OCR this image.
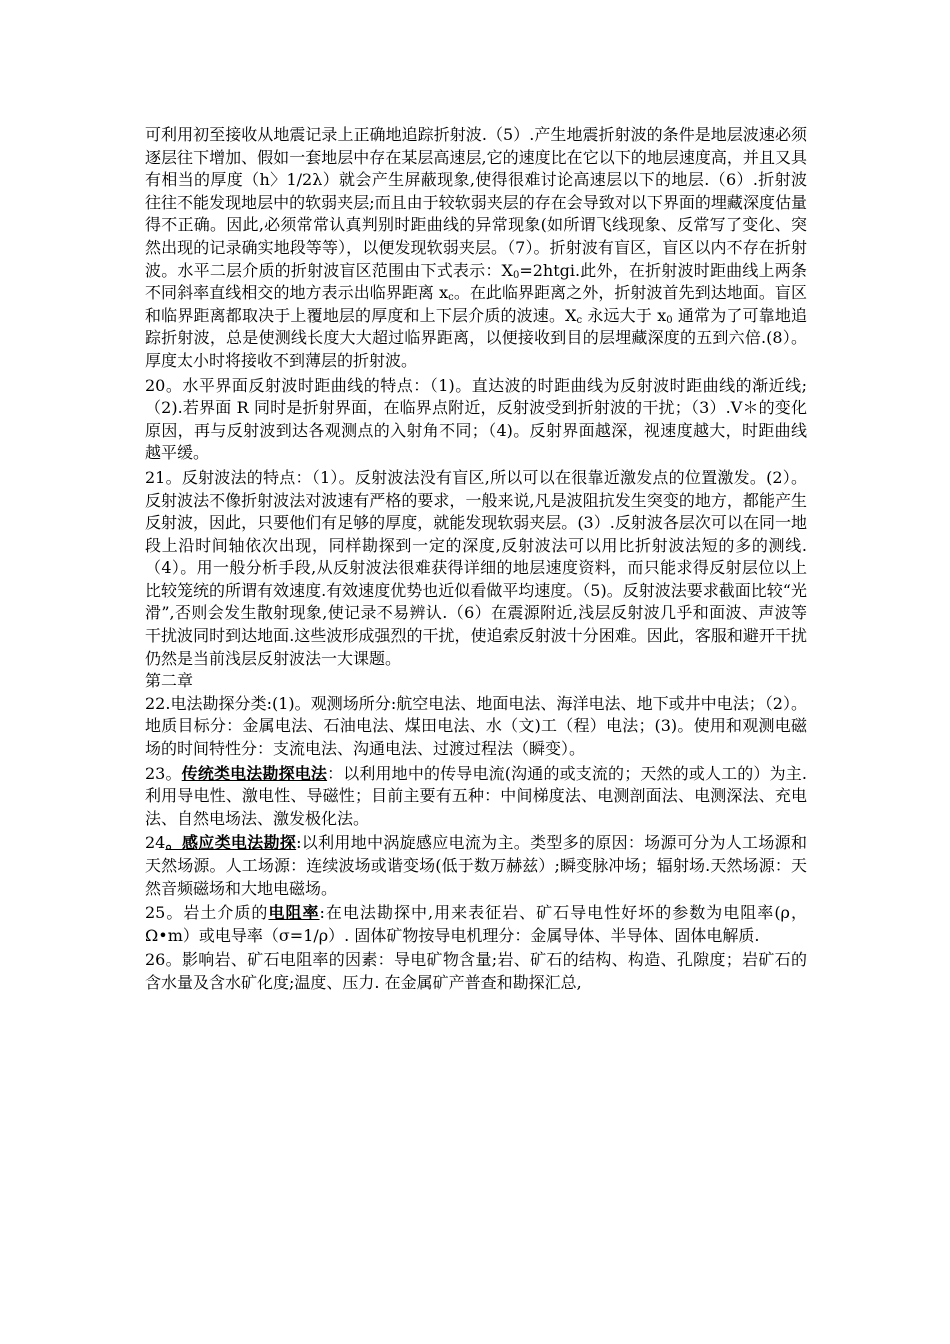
可利用初至接收从地震记录上正确地追踪折射波.（5）.产生地震折射波的条件是地层波速必须逐层往下增加、假如一套地层中存在某层高速层,它的速度比在它以下的地层速度高，并且又具有相当的厚度（h〉1/2λ）就会产生屏蔽现象,使得很难讨论高速层以下的地层.（6）.折射波往往不能发现地层中的软弱夹层;而且由于较软弱夹层的存在会导致对以下界面的埋藏深度估量得不正确。因此,必须常常认真判别时距曲线的异常现象(如所谓飞线现象、反常写了变化、突然出现的记录确实地段等等），以便发现软弱夹层。（7）。折射波有盲区，盲区以内不存在折射波。水平二层介质的折射波盲区范围由下式表示：$X_0=2htgi$.此外，在折射波时距曲线上两条不同斜率直线相交的地方表示出临界距离 $x_c$。在此临界距离之外，折射波首先到达地面。盲区和临界距离都取决于上覆地层的厚度和上下层介质的波速。$X_c$ 永远大于 $x_0$ 通常为了可靠地追踪折射波，总是使测线长度大大超过临界距离，以便接收到目的层埋藏深度的五到六倍.(8）。厚度太小时将接收不到薄层的折射波。

20。水平界面反射波时距曲线的特点：（1)。直达波的时距曲线为反射波时距曲线的渐近线;（2).若界面 R 同时是折射界面，在临界点附近，反射波受到折射波的干扰；（3）.V＊的变化原因，再与反射波到达各观测点的入射角不同；（4)。反射界面越深，视速度越大，时距曲线越平缓。

21。反射波法的特点：（1）。反射波法没有盲区,所以可以在很靠近激发点的位置激发。(2）。反射波法不像折射波法对波速有严格的要求，一般来说,凡是波阻抗发生突变的地方，都能产生反射波，因此，只要他们有足够的厚度，就能发现软弱夹层。(3）.反射波各层次可以在同一地段上沿时间轴依次出现，同样勘探到一定的深度,反射波法可以用比折射波法短的多的测线.（4）。用一般分析手段,从反射波法很难获得详细的地层速度资料，而只能求得反射层位以上比较笼统的所谓有效速度.有效速度优势也近似看做平均速度。（5)。反射波法要求截面比较“光滑”,否则会发生散射现象,使记录不易辨认.（6）在震源附近,浅层反射波几乎和面波、声波等干扰波同时到达地面.这些波形成强烈的干扰，使追索反射波十分困难。因此，客服和避开干扰仍然是当前浅层反射波法一大课题。

第二章

22.电法勘探分类:(1)。观测场所分:航空电法、地面电法、海洋电法、地下或井中电法；（2）。地质目标分：金属电法、石油电法、煤田电法、水（文)工（程）电法；(3)。使用和观测电磁场的时间特性分：支流电法、沟通电法、过渡过程法（瞬变）。

23。传统类电法勘探电法：以利用地中的传导电流(沟通的或支流的；天然的或人工的）为主.利用导电性、激电性、导磁性；目前主要有五种：中间梯度法、电测剖面法、电测深法、充电法、自然电场法、激发极化法。

24。感应类电法勘探:以利用地中涡旋感应电流为主。类型多的原因：场源可分为人工场源和天然场源。人工场源：连续波场或谐变场(低于数万赫兹）;瞬变脉冲场；辐射场.天然场源：天然音频磁场和大地电磁场。

25。岩土介质的电阻率:在电法勘探中,用来表征岩、矿石导电性好坏的参数为电阻率(ρ，Ω•m）或电导率（σ=1/ρ）. 固体矿物按导电机理分：金属导体、半导体、固体电解质.

26。影响岩、矿石电阻率的因素：导电矿物含量;岩、矿石的结构、构造、孔隙度；岩矿石的含水量及含水矿化度;温度、压力. 在金属矿产普查和勘探汇总,
